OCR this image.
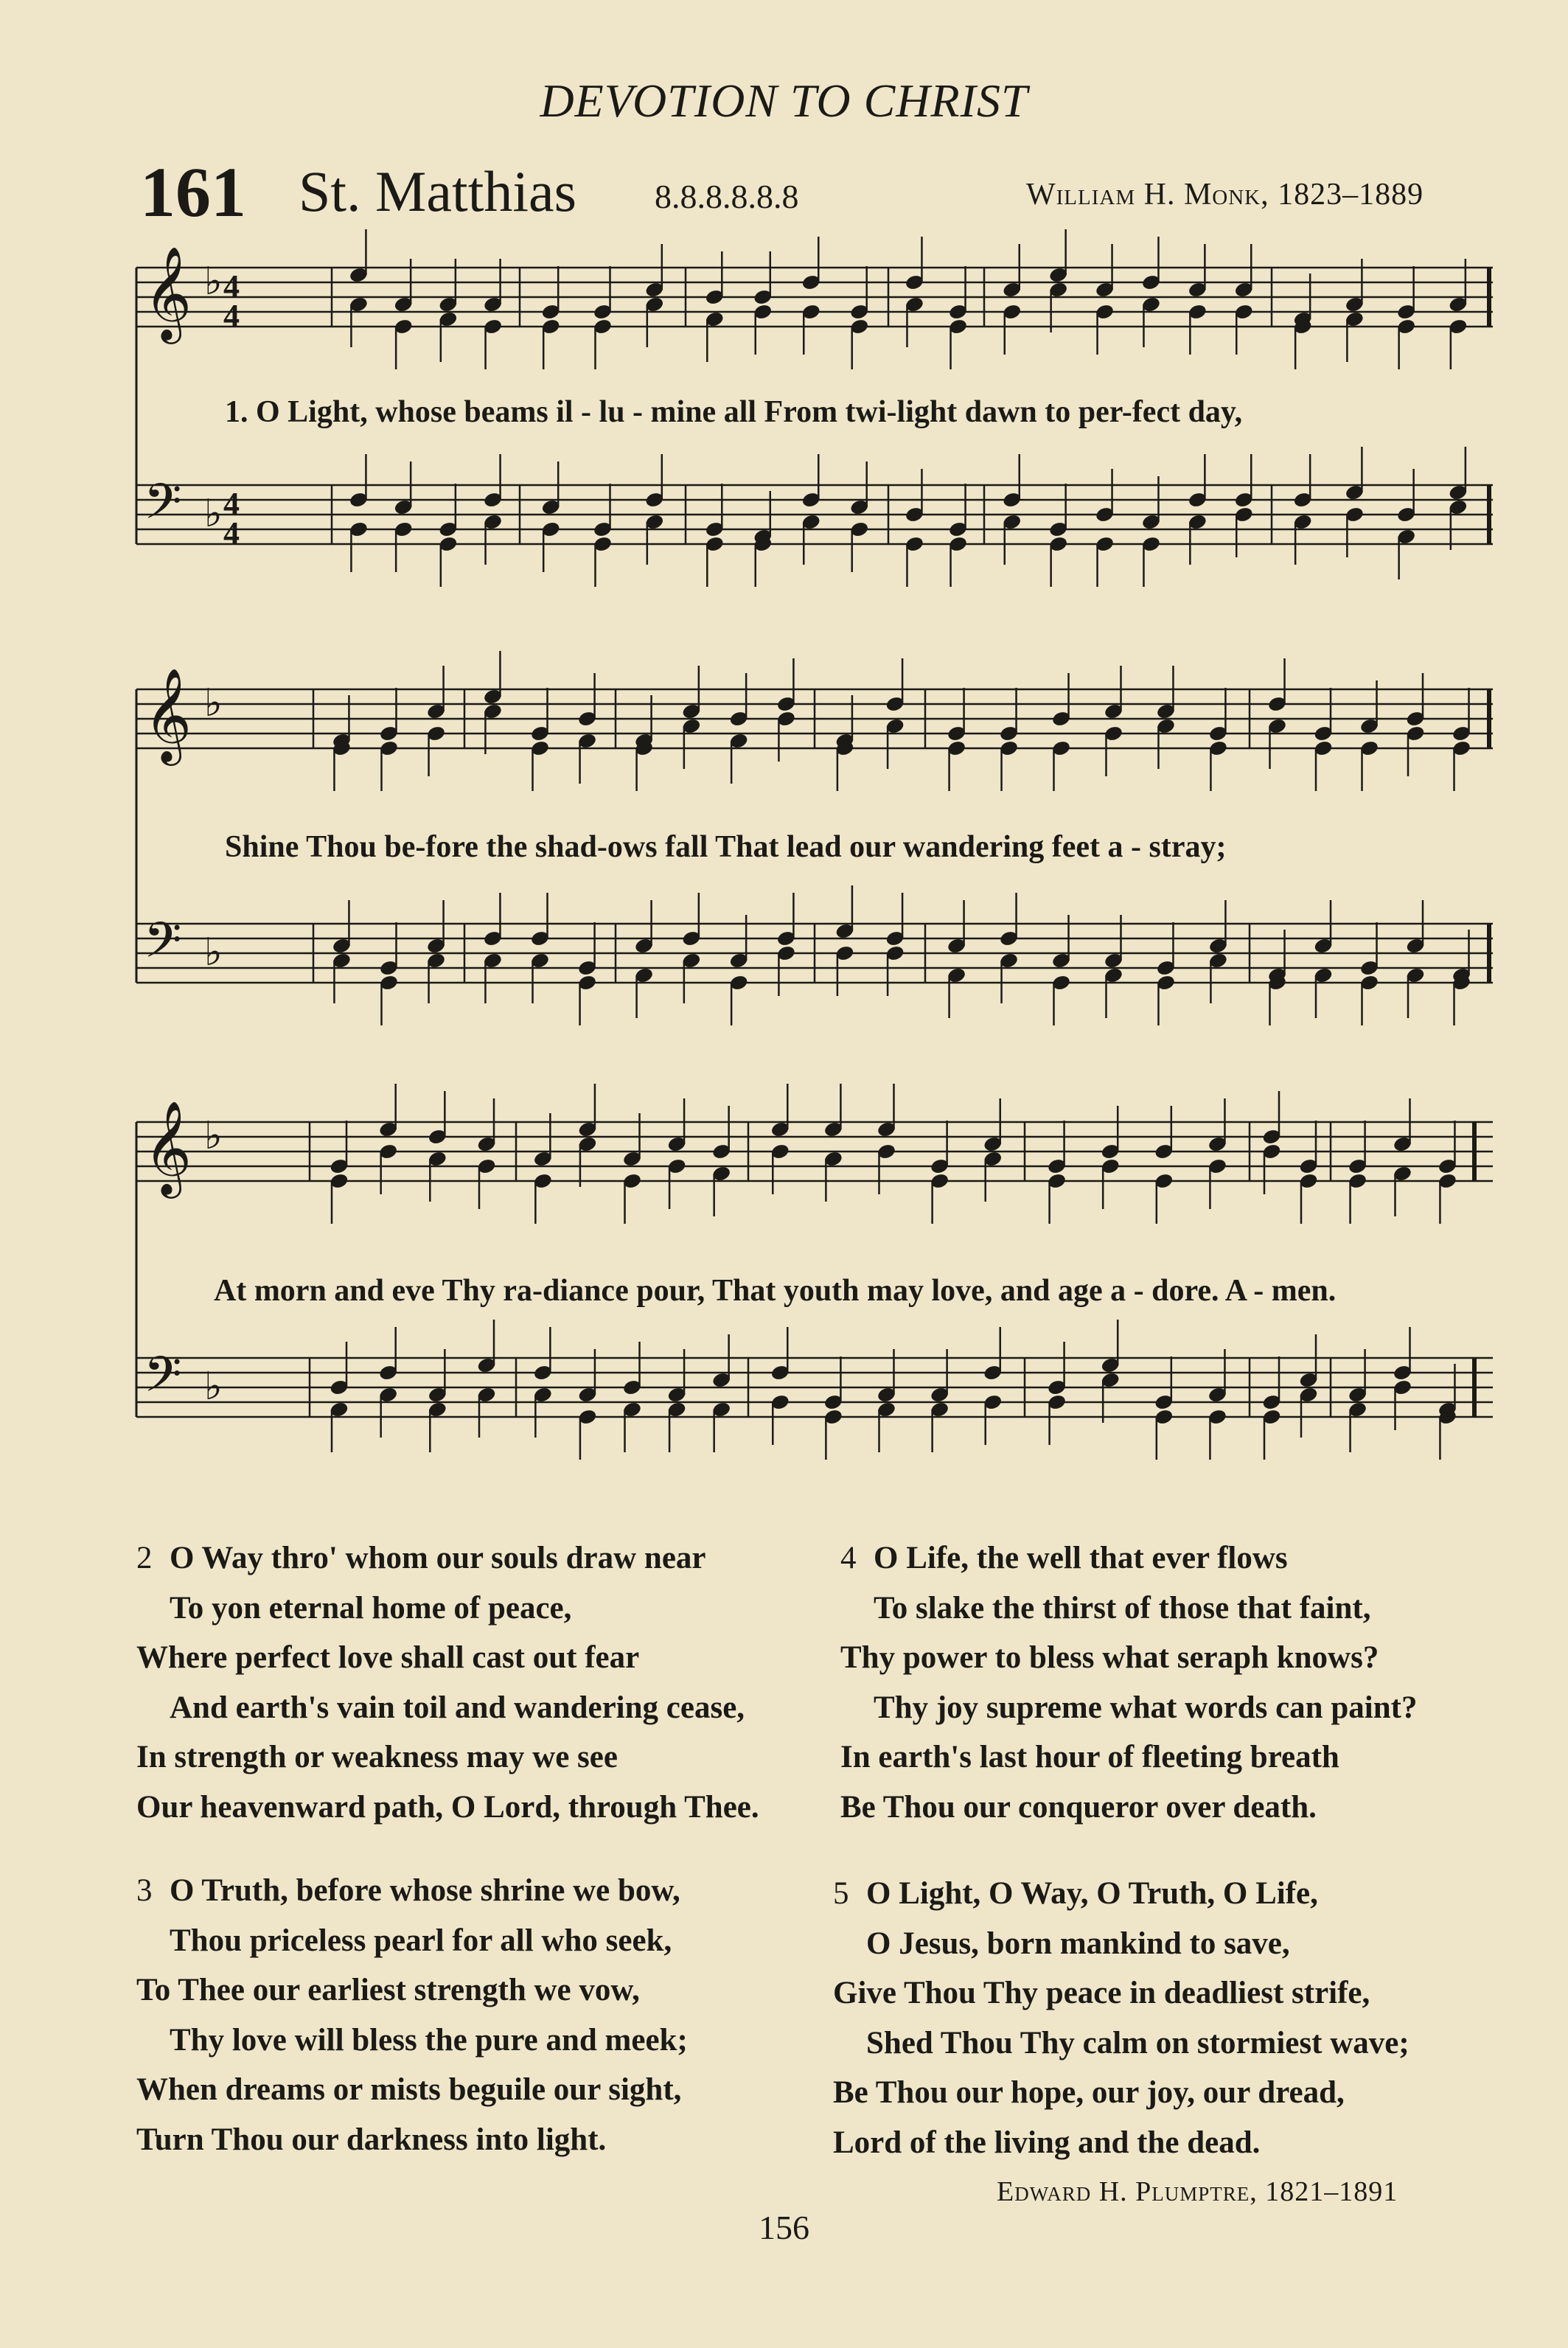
DEVOTION TO CHRIST
161 St. Matthias 8.8.8.8.8.8	William H. Monk, 1823–1889
𝄞 ♭ 4
4
𝄢 ♭ 4
4
𝄞 ♭
𝄢 ♭
𝄞 ♭
𝄢 ♭
1. O Light, whose beams il - lu - mine all From twi-light dawn to per-fect day,
Shine Thou be-fore the shad-ows fall That lead our wandering feet a - stray;
At morn and eve Thy ra-diance pour, That youth may love, and age a - dore. A - men.
2 O Way thro' whom our souls draw near
To yon eternal home of peace,
Where perfect love shall cast out fear
And earth's vain toil and wandering cease,
In strength or weakness may we see
Our heavenward path, O Lord, through Thee.
3 O Truth, before whose shrine we bow,
Thou priceless pearl for all who seek,
To Thee our earliest strength we vow,
Thy love will bless the pure and meek;
When dreams or mists beguile our sight,
Turn Thou our darkness into light.
4 O Life, the well that ever flows
To slake the thirst of those that faint,
Thy power to bless what seraph knows?
Thy joy supreme what words can paint?
In earth's last hour of fleeting breath
Be Thou our conqueror over death.
5 O Light, O Way, O Truth, O Life,
O Jesus, born mankind to save,
Give Thou Thy peace in deadliest strife,
Shed Thou Thy calm on stormiest wave;
Be Thou our hope, our joy, our dread,
Lord of the living and the dead.
Edward H. Plumptre, 1821–1891
156
